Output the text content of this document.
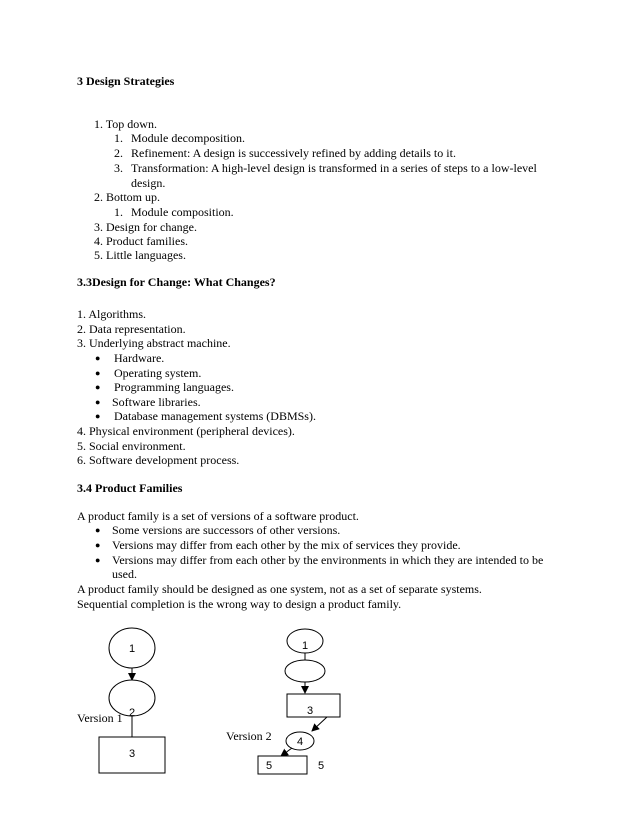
3 Design Strategies
1. Top down.
1. Module decomposition.
2. Refinement: A design is successively refined by adding details to it.
3. Transformation: A high-level design is transformed in a series of steps to a low-level
design.
2. Bottom up.
1. Module composition.
3. Design for change.
4. Product families.
5. Little languages.
3.3Design for Change: What Changes?
1. Algorithms.
2. Data representation.
3. Underlying abstract machine.
● Hardware.
● Operating system.
● Programming languages.
● Software libraries.
● Database management systems (DBMSs).
4. Physical environment (peripheral devices).
5. Social environment.
6. Software development process.
3.4 Product Families
A product family is a set of versions of a software product.
● Some versions are successors of other versions.
● Versions may differ from each other by the mix of services they provide.
● Versions may differ from each other by the environments in which they are intended to be
used.
A product family should be designed as one system, not as a set of separate systems.
Sequential completion is the wrong way to design a product family.
1
2
3
1
3
4
5	5
Version 1
Version 2
